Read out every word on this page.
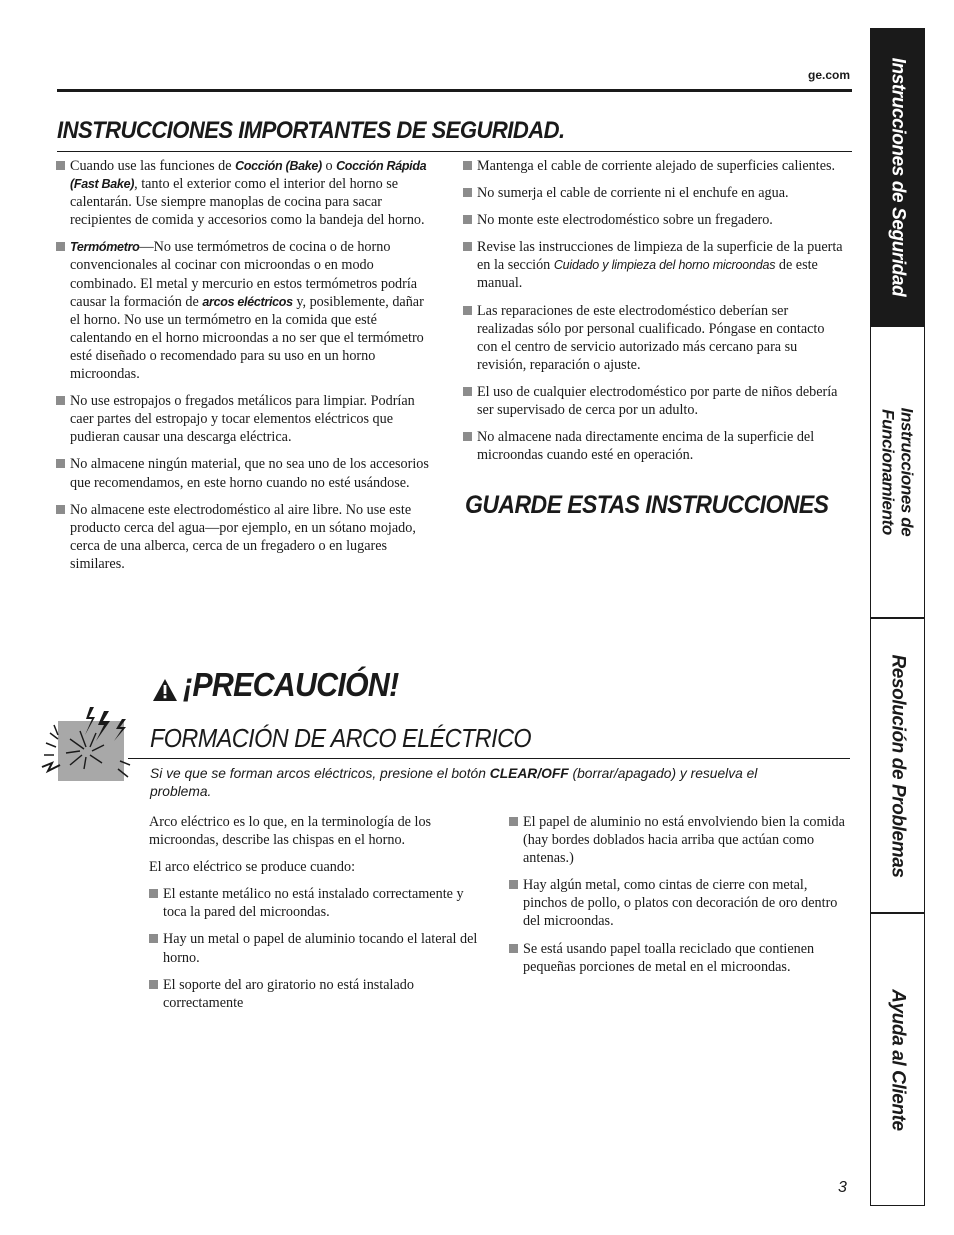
ge.com
INSTRUCCIONES IMPORTANTES DE SEGURIDAD.
Cuando use las funciones de Cocción (Bake) o Cocción Rápida (Fast Bake), tanto el exterior como el interior del horno se calentarán. Use siempre manoplas de cocina para sacar recipientes de comida y accesorios como la bandeja del horno.
Termómetro—No use termómetros de cocina o de horno convencionales al cocinar con microondas o en modo combinado. El metal y mercurio en estos termómetros podría causar la formación de arcos eléctricos y, posiblemente, dañar el horno. No use un termómetro en la comida que esté calentando en el horno microondas a no ser que el termómetro esté diseñado o recomendado para su uso en un horno microondas.
No use estropajos o fregados metálicos para limpiar. Podrían caer partes del estropajo y tocar elementos eléctricos que pudieran causar una descarga eléctrica.
No almacene ningún material, que no sea uno de los accesorios que recomendamos, en este horno cuando no esté usándose.
No almacene este electrodoméstico al aire libre. No use este producto cerca del agua—por ejemplo, en un sótano mojado, cerca de una alberca, cerca de un fregadero o en lugares similares.
Mantenga el cable de corriente alejado de superficies calientes.
No sumerja el cable de corriente ni el enchufe en agua.
No monte este electrodoméstico sobre un fregadero.
Revise las instrucciones de limpieza de la superficie de la puerta en la sección Cuidado y limpieza del horno microondas de este manual.
Las reparaciones de este electrodoméstico deberían ser realizadas sólo por personal cualificado. Póngase en contacto con el centro de servicio autorizado más cercano para su revisión, reparación o ajuste.
El uso de cualquier electrodoméstico por parte de niños debería ser supervisado de cerca por un adulto.
No almacene nada directamente encima de la superficie del microondas cuando esté en operación.
GUARDE ESTAS INSTRUCCIONES
¡PRECAUCIÓN!
FORMACIÓN DE ARCO ELÉCTRICO
Si ve que se forman arcos eléctricos, presione el botón CLEAR/OFF (borrar/apagado) y resuelva el problema.
Arco eléctrico es lo que, en la terminología de los microondas, describe las chispas en el horno.
El arco eléctrico se produce cuando:
El estante metálico no está instalado correctamente y toca la pared del microondas.
Hay un metal o papel de aluminio tocando el lateral del horno.
El soporte del aro giratorio no está instalado correctamente
El papel de aluminio no está envolviendo bien la comida (hay bordes doblados hacia arriba que actúan como antenas.)
Hay algún metal, como cintas de cierre con metal, pinchos de pollo, o platos con decoración de oro dentro del microondas.
Se está usando papel toalla reciclado que contienen pequeñas porciones de metal en el microondas.
3
Instrucciones de Seguridad
Instrucciones de
Funcionamiento
Resolución de Problemas
Ayuda al Cliente
